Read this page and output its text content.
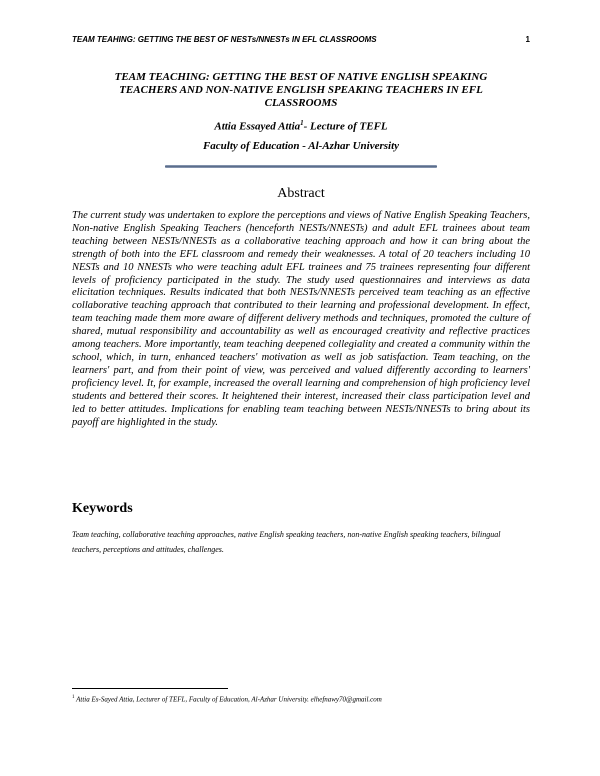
TEAM TEAHING: GETTING THE BEST OF NESTs/NNESTs IN EFL CLASSROOMS	1
TEAM TEACHING: GETTING THE BEST OF NATIVE ENGLISH SPEAKING TEACHERS AND NON-NATIVE ENGLISH SPEAKING TEACHERS IN EFL CLASSROOMS
Attia Essayed Attia$^1$- Lecture of TEFL
Faculty of Education - Al-Azhar University
Abstract

The current study was undertaken to explore the perceptions and views of Native English Speaking Teachers, Non-native English Speaking Teachers (henceforth NESTs/NNESTs) and adult EFL trainees about team teaching between NESTs/NNESTs as a collaborative teaching approach and how it can bring about the strength of both into the EFL classroom and remedy their weaknesses. A total of 20 teachers including 10 NESTs and 10 NNESTs who were teaching adult EFL trainees and 75 trainees representing four different levels of proficiency participated in the study. The study used questionnaires and interviews as data elicitation techniques. Results indicated that both NESTs/NNESTs perceived team teaching as an effective collaborative teaching approach that contributed to their learning and professional development. In effect, team teaching made them more aware of different delivery methods and techniques, promoted the culture of shared, mutual responsibility and accountability as well as encouraged creativity and reflective practices among teachers. More importantly, team teaching deepened collegiality and created a community within the school, which, in turn, enhanced teachers' motivation as well as job satisfaction. Team teaching, on the learners' part, and from their point of view, was perceived and valued differently according to learners' proficiency level. It, for example, increased the overall learning and comprehension of high proficiency level students and bettered their scores. It heightened their interest, increased their class participation level and led to better attitudes. Implications for enabling team teaching between NESTs/NNESTs to bring about its payoff are highlighted in the study.

Keywords

Team teaching, collaborative teaching approaches, native English speaking teachers, non-native English speaking teachers, bilingual teachers, perceptions and attitudes, challenges.

$^1$ Attia Es-Sayed Attia, Lecturer of TEFL, Faculty of Education, Al-Azhar University. elhefnawy70@gmail.com
